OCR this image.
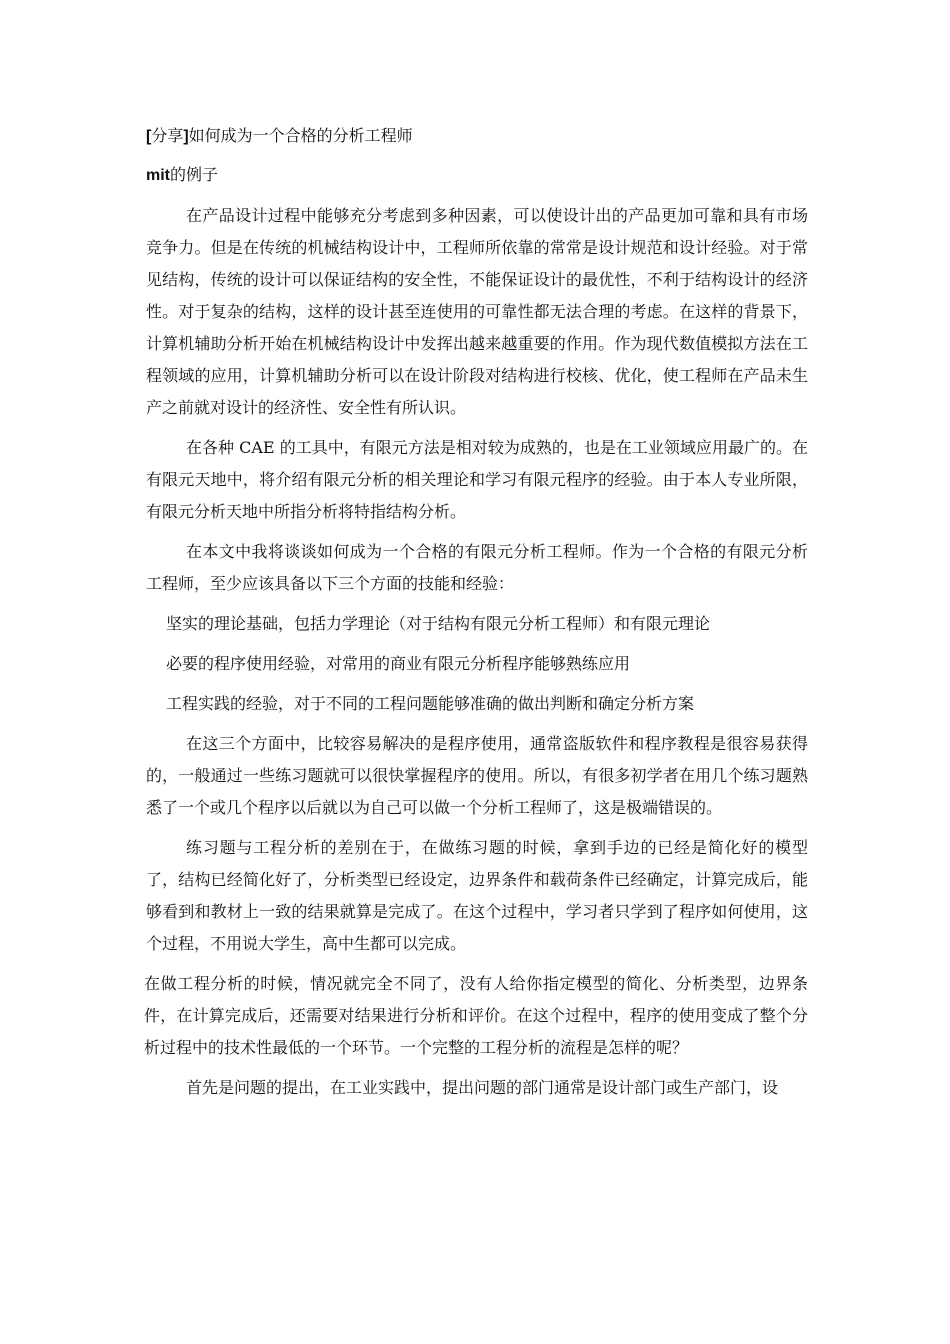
[分享]如何成为一个合格的分析工程师
mit的例子

在产品设计过程中能够充分考虑到多种因素，可以使设计出的产品更加可靠和具有市场竞争力。但是在传统的机械结构设计中，工程师所依靠的常常是设计规范和设计经验。对于常见结构，传统的设计可以保证结构的安全性，不能保证设计的最优性，不利于结构设计的经济性。对于复杂的结构，这样的设计甚至连使用的可靠性都无法合理的考虑。在这样的背景下，计算机辅助分析开始在机械结构设计中发挥出越来越重要的作用。作为现代数值模拟方法在工程领域的应用，计算机辅助分析可以在设计阶段对结构进行校核、优化，使工程师在产品未生产之前就对设计的经济性、安全性有所认识。

在各种 CAE 的工具中，有限元方法是相对较为成熟的，也是在工业领域应用最广的。在有限元天地中，将介绍有限元分析的相关理论和学习有限元程序的经验。由于本人专业所限，有限元分析天地中所指分析将特指结构分析。

在本文中我将谈谈如何成为一个合格的有限元分析工程师。作为一个合格的有限元分析工程师，至少应该具备以下三个方面的技能和经验：

坚实的理论基础，包括力学理论（对于结构有限元分析工程师）和有限元理论
必要的程序使用经验，对常用的商业有限元分析程序能够熟练应用
工程实践的经验，对于不同的工程问题能够准确的做出判断和确定分析方案

在这三个方面中，比较容易解决的是程序使用，通常盗版软件和程序教程是很容易获得的，一般通过一些练习题就可以很快掌握程序的使用。所以，有很多初学者在用几个练习题熟悉了一个或几个程序以后就以为自己可以做一个分析工程师了，这是极端错误的。

练习题与工程分析的差别在于，在做练习题的时候，拿到手边的已经是简化好的模型了，结构已经简化好了，分析类型已经设定，边界条件和载荷条件已经确定，计算完成后，能够看到和教材上一致的结果就算是完成了。在这个过程中，学习者只学到了程序如何使用，这个过程，不用说大学生，高中生都可以完成。

在做工程分析的时候，情况就完全不同了，没有人给你指定模型的简化、分析类型，边界条件，在计算完成后，还需要对结果进行分析和评价。在这个过程中，程序的使用变成了整个分析过程中的技术性最低的一个环节。一个完整的工程分析的流程是怎样的呢？

首先是问题的提出，在工业实践中，提出问题的部门通常是设计部门或生产部门，设
